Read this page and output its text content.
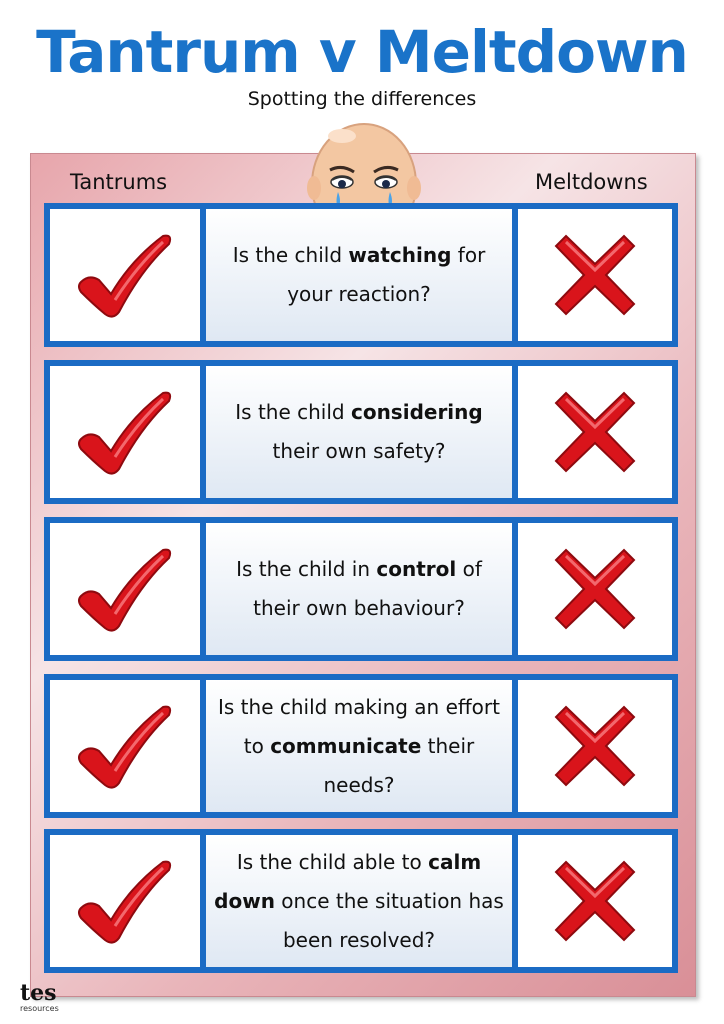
Tantrum v Meltdown
Spotting the differences
Tantrums	Meltdowns
Is the child watching for your reaction?
Is the child considering their own safety?
Is the child in control of their own behaviour?
Is the child making an effort to communicate their needs?
Is the child able to calm down once the situation has been resolved?
tes
resources
